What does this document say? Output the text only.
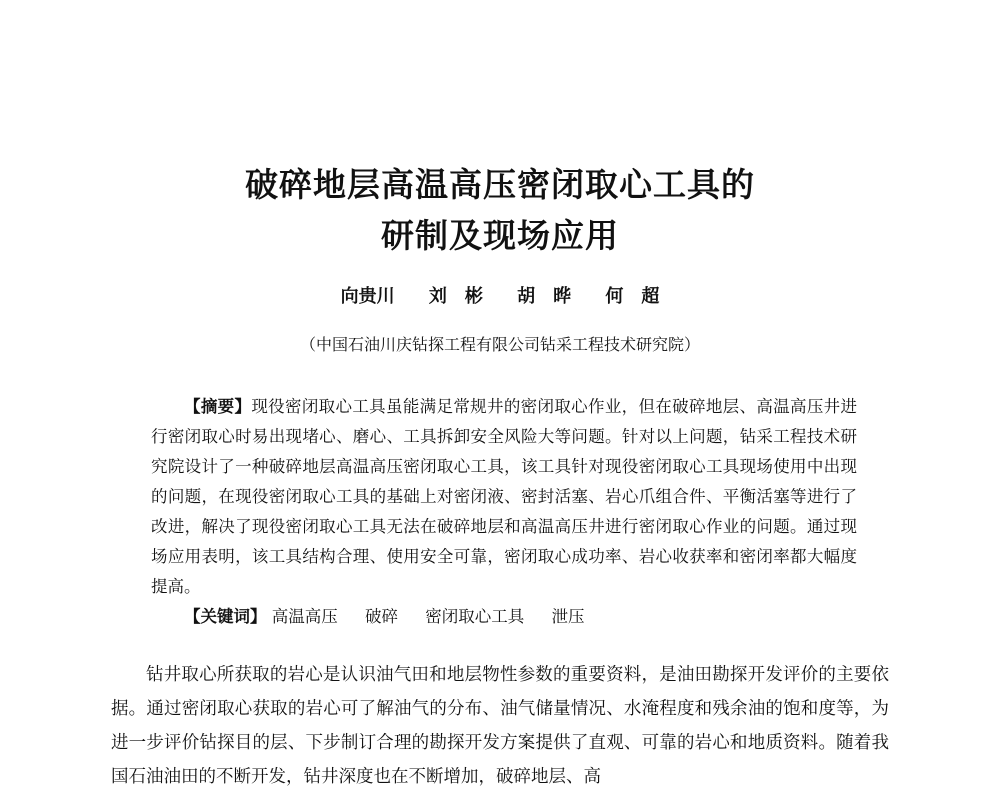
破碎地层高温高压密闭取心工具的
研制及现场应用
向贵川 刘　彬 胡　晔 何　超
（中国石油川庆钻探工程有限公司钻采工程技术研究院）

【摘要】现役密闭取心工具虽能满足常规井的密闭取心作业，但在破碎地层、高温高压井进行密闭取心时易出现堵心、磨心、工具拆卸安全风险大等问题。针对以上问题，钻采工程技术研究院设计了一种破碎地层高温高压密闭取心工具，该工具针对现役密闭取心工具现场使用中出现的问题，在现役密闭取心工具的基础上对密闭液、密封活塞、岩心爪组合件、平衡活塞等进行了改进，解决了现役密闭取心工具无法在破碎地层和高温高压井进行密闭取心作业的问题。通过现场应用表明，该工具结构合理、使用安全可靠，密闭取心成功率、岩心收获率和密闭率都大幅度提高。

【关键词】 高温高压 破碎 密闭取心工具 泄压

钻井取心所获取的岩心是认识油气田和地层物性参数的重要资料，是油田勘探开发评价的主要依据。通过密闭取心获取的岩心可了解油气的分布、油气储量情况、水淹程度和残余油的饱和度等，为进一步评价钻探目的层、下步制订合理的勘探开发方案提供了直观、可靠的岩心和地质资料。随着我国石油油田的不断开发，钻井深度也在不断增加，破碎地层、高
